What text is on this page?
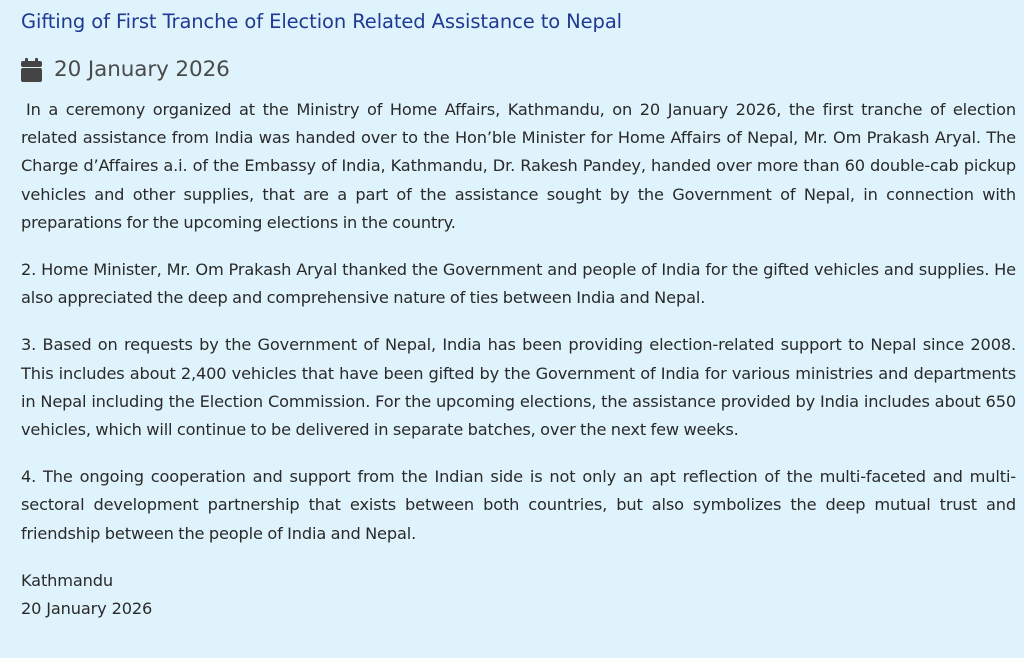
Gifting of First Tranche of Election Related Assistance to Nepal
20 January 2026

In a ceremony organized at the Ministry of Home Affairs, Kathmandu, on 20 January 2026, the first tranche of election related assistance from India was handed over to the Hon’ble Minister for Home Affairs of Nepal, Mr. Om Prakash Aryal. The Charge d’Affaires a.i. of the Embassy of India, Kathmandu, Dr. Rakesh Pandey, handed over more than 60 double-cab pickup vehicles and other supplies, that are a part of the assistance sought by the Government of Nepal, in connection with preparations for the upcoming elections in the country.

2. Home Minister, Mr. Om Prakash Aryal thanked the Government and people of India for the gifted vehicles and supplies. He also appreciated the deep and comprehensive nature of ties between India and Nepal.

3. Based on requests by the Government of Nepal, India has been providing election-related support to Nepal since 2008. This includes about 2,400 vehicles that have been gifted by the Government of India for various ministries and departments in Nepal including the Election Commission. For the upcoming elections, the assistance provided by India includes about 650 vehicles, which will continue to be delivered in separate batches, over the next few weeks.

4. The ongoing cooperation and support from the Indian side is not only an apt reflection of the multi-faceted and multi-sectoral development partnership that exists between both countries, but also symbolizes the deep mutual trust and friendship between the people of India and Nepal.

Kathmandu
20 January 2026
